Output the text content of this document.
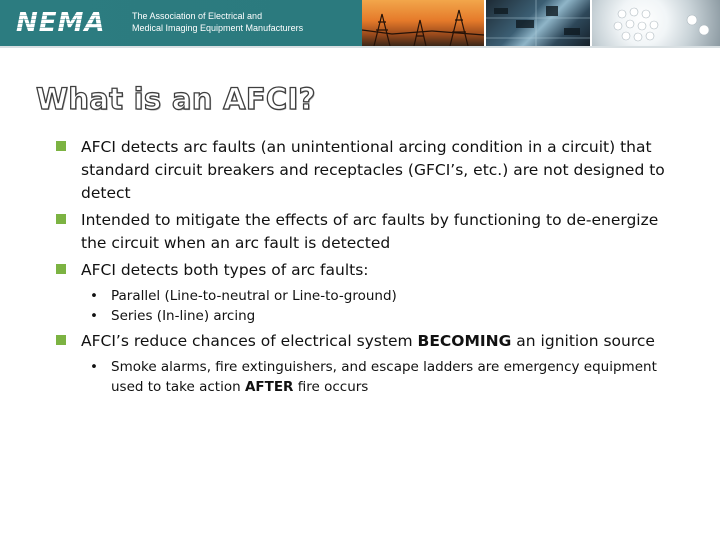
NEMA	The Association of Electrical and
Medical Imaging Equipment Manufacturers
What is an AFCI?
AFCI detects arc faults (an unintentional arcing condition in a circuit) that standard circuit breakers and receptacles (GFCI’s, etc.) are not designed to detect
Intended to mitigate the effects of arc faults by functioning to de-energize the circuit when an arc fault is detected
AFCI detects both types of arc faults:
• Parallel (Line-to-neutral or Line-to-ground)
• Series (In-line) arcing
AFCI’s reduce chances of electrical system BECOMING an ignition source
• Smoke alarms, fire extinguishers, and escape ladders are emergency equipment used to take action AFTER fire occurs
